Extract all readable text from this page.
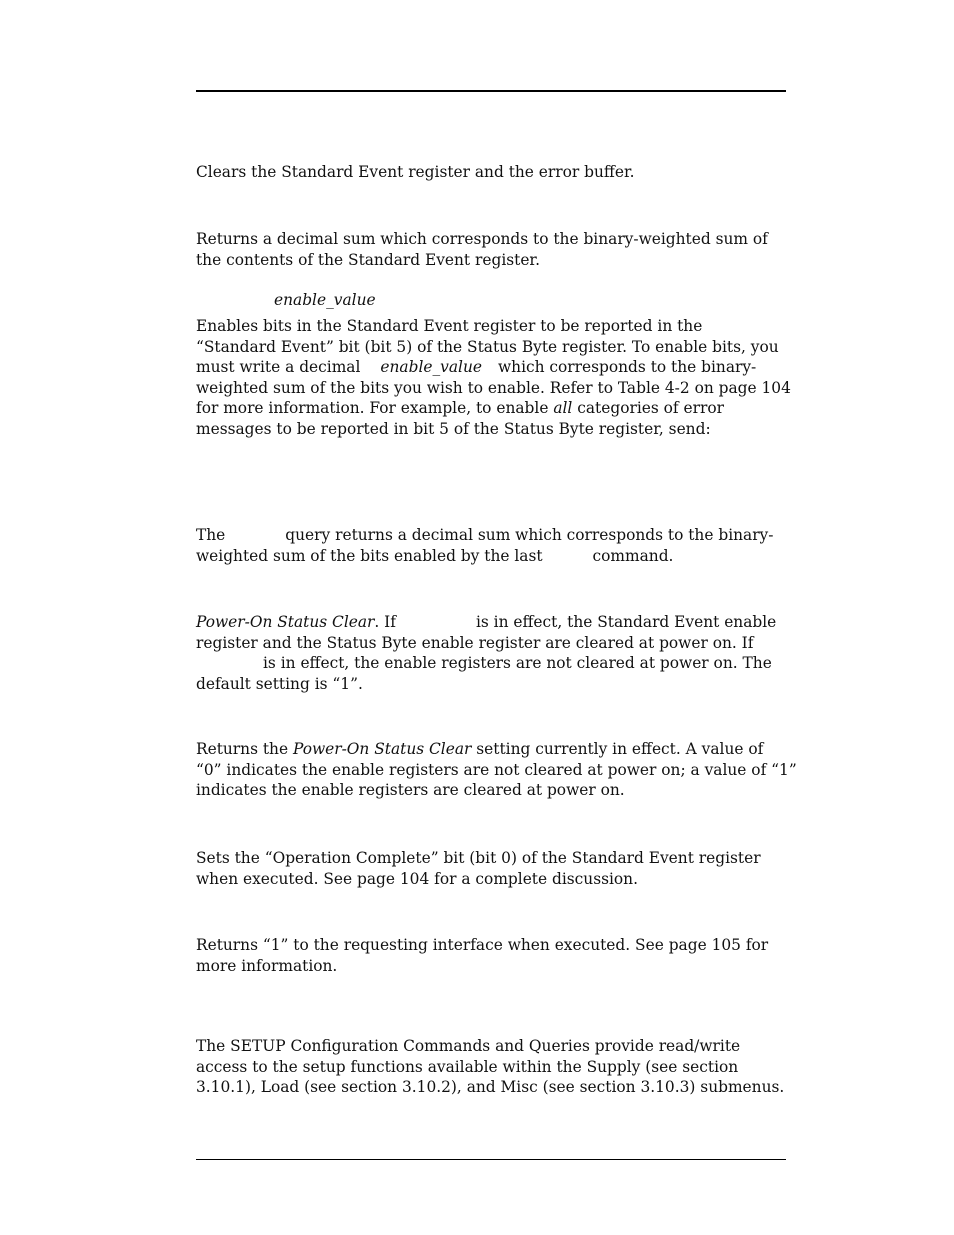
Clears the Standard Event register and the error buffer.

Returns a decimal sum which corresponds to the binary-weighted sum of
the contents of the Standard Event register.

enable_value

Enables bits in the Standard Event register to be reported in the
“Standard Event” bit (bit 5) of the Status Byte register. To enable bits, you
must write a decimal enable_value which corresponds to the binary-
weighted sum of the bits you wish to enable. Refer to Table 4-2 on page 104
for more information. For example, to enable all categories of error
messages to be reported in bit 5 of the Status Byte register, send:

The	query returns a decimal sum which corresponds to the binary-
weighted sum of the bits enabled by the last	command.

Power-On Status Clear. If	is in effect, the Standard Event enable
register and the Status Byte enable register are cleared at power on. If
is in effect, the enable registers are not cleared at power on. The
default setting is “1”.

Returns the Power-On Status Clear setting currently in effect. A value of
“0” indicates the enable registers are not cleared at power on; a value of “1”
indicates the enable registers are cleared at power on.

Sets the “Operation Complete” bit (bit 0) of the Standard Event register
when executed. See page 104 for a complete discussion.

Returns “1” to the requesting interface when executed. See page 105 for
more information.

The SETUP Configuration Commands and Queries provide read/write
access to the setup functions available within the Supply (see section
3.10.1), Load (see section 3.10.2), and Misc (see section 3.10.3) submenus.
